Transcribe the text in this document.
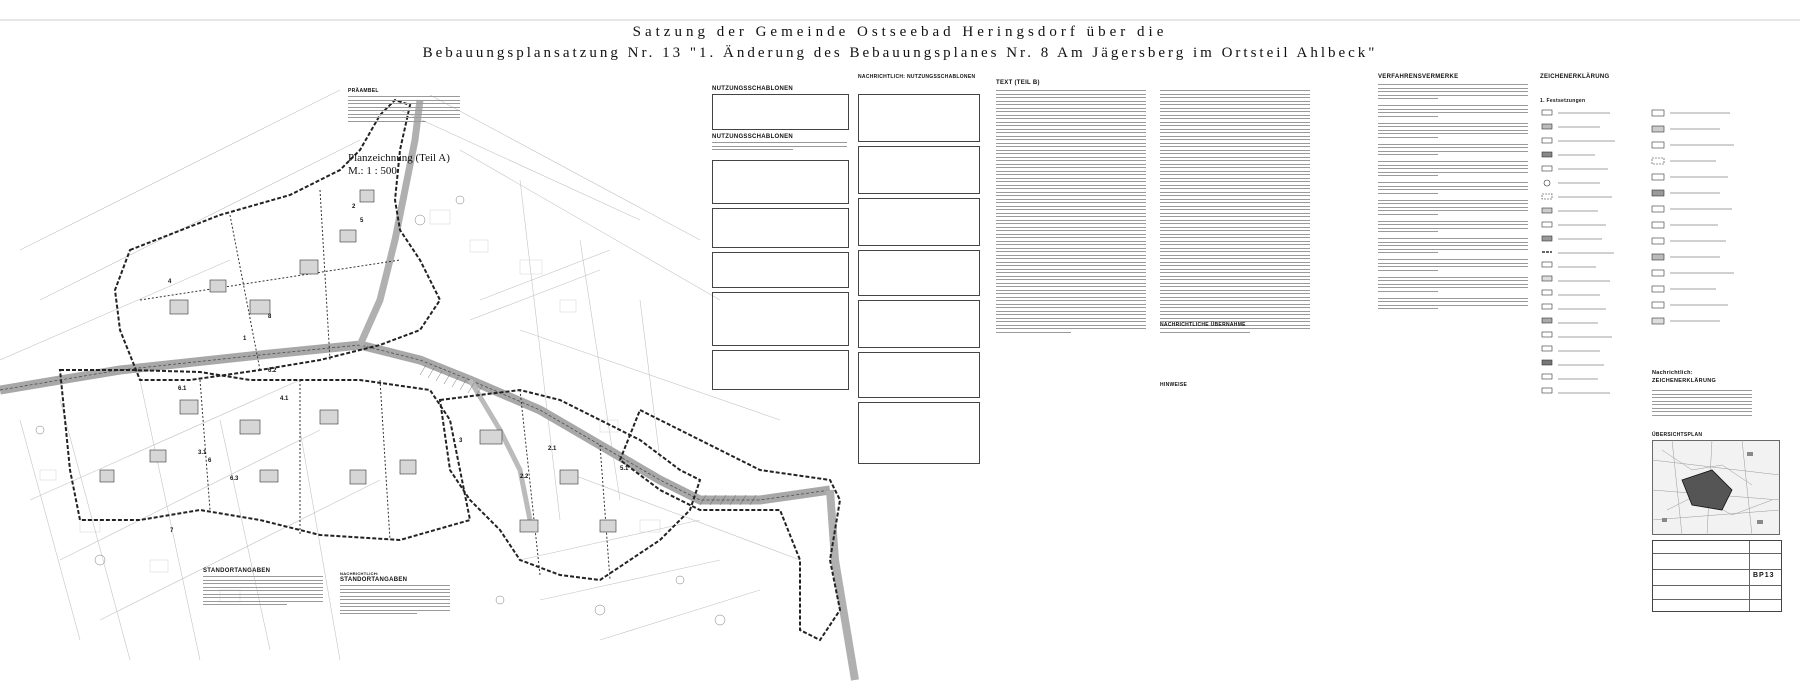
Satzung der Gemeinde Ostseebad Heringsdorf über die
Bebauungsplansatzung Nr. 13 "1. Änderung des Bebauungsplanes Nr. 8 Am Jägersberg im Ortsteil Ahlbeck"
1
2
3
4
5
6
6.1
6.2
6.3
2.1
2.2
7
4.1
5.1
3.1
8
Planzeichnung (Teil A)
M.: 1 : 500
PRÄAMBEL	NUTZUNGSSCHABLONEN
NUTZUNGSSCHABLONEN
NACHRICHTLICH: NUTZUNGSSCHABLONEN
TEXT (TEIL B)
NACHRICHTLICHE ÜBERNAHME
HINWEISE
VERFAHRENSVERMERKE	ZEICHENERKLÄRUNG
1. Festsetzungen
Nachrichtlich:
ZEICHENERKLÄRUNG
ÜBERSICHTSPLAN
BP13
STANDORTANGABEN	NACHRICHTLICH:
STANDORTANGABEN
